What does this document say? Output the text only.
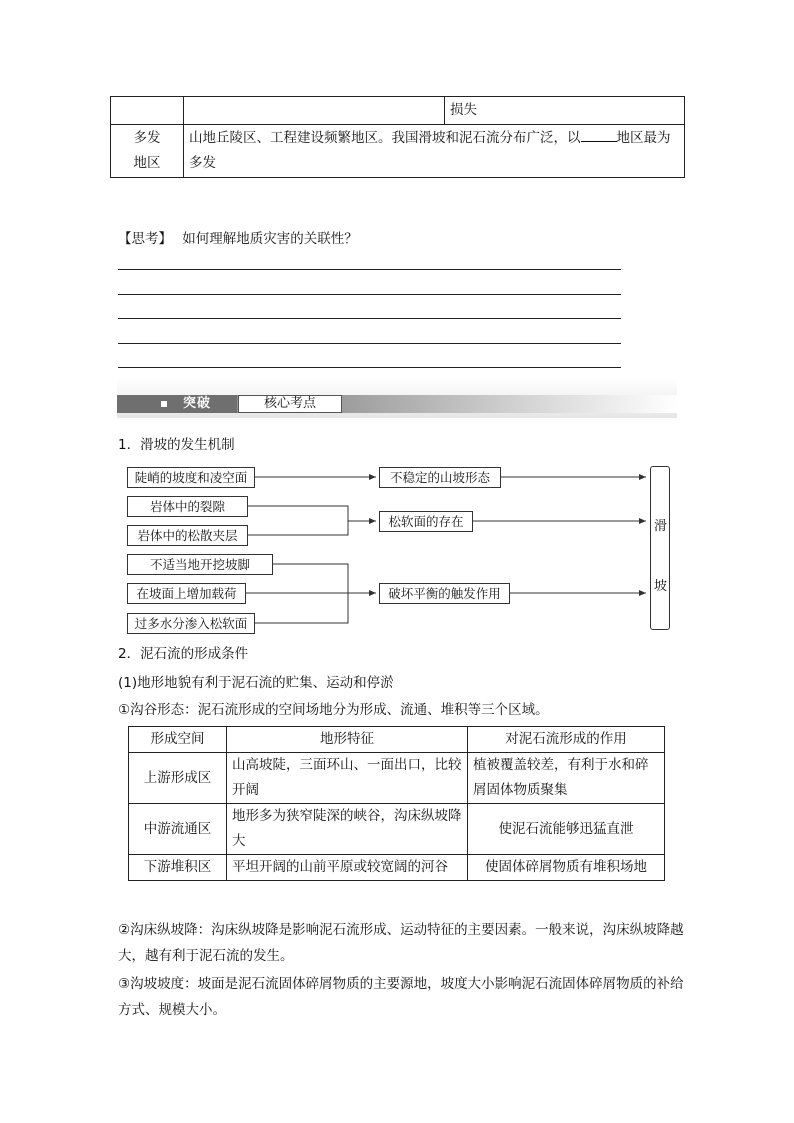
		损失

多发
地区	山地丘陵区、工程建设频繁地区。我国滑坡和泥石流分布广泛，以 地区最为多发	
【思考】 如何理解地质灾害的关联性？
突破	核心考点
1．滑坡的发生机制
陡峭的坡度和凌空面
岩体中的裂隙
岩体中的松散夹层
不适当地开挖坡脚
在坡面上增加载荷
过多水分渗入松软面
不稳定的山坡形态
松软面的存在
破坏平衡的触发作用
滑
坡
2．泥石流的形成条件
(1)地形地貌有利于泥石流的贮集、运动和停淤
①沟谷形态：泥石流形成的空间场地分为形成、流通、堆积等三个区域。
形成空间	地形特征	对泥石流形成的作用
上游形成区	山高坡陡，三面环山、一面出口，比较开阔	植被覆盖较差，有利于水和碎屑固体物质聚集
中游流通区	地形多为狭窄陡深的峡谷，沟床纵坡降大	使泥石流能够迅猛直泄
下游堆积区	平坦开阔的山前平原或较宽阔的河谷	使固体碎屑物质有堆积场地
②沟床纵坡降：沟床纵坡降是影响泥石流形成、运动特征的主要因素。一般来说，沟床纵坡降越大，越有利于泥石流的发生。
③沟坡坡度：坡面是泥石流固体碎屑物质的主要源地，坡度大小影响泥石流固体碎屑物质的补给方式、规模大小。
